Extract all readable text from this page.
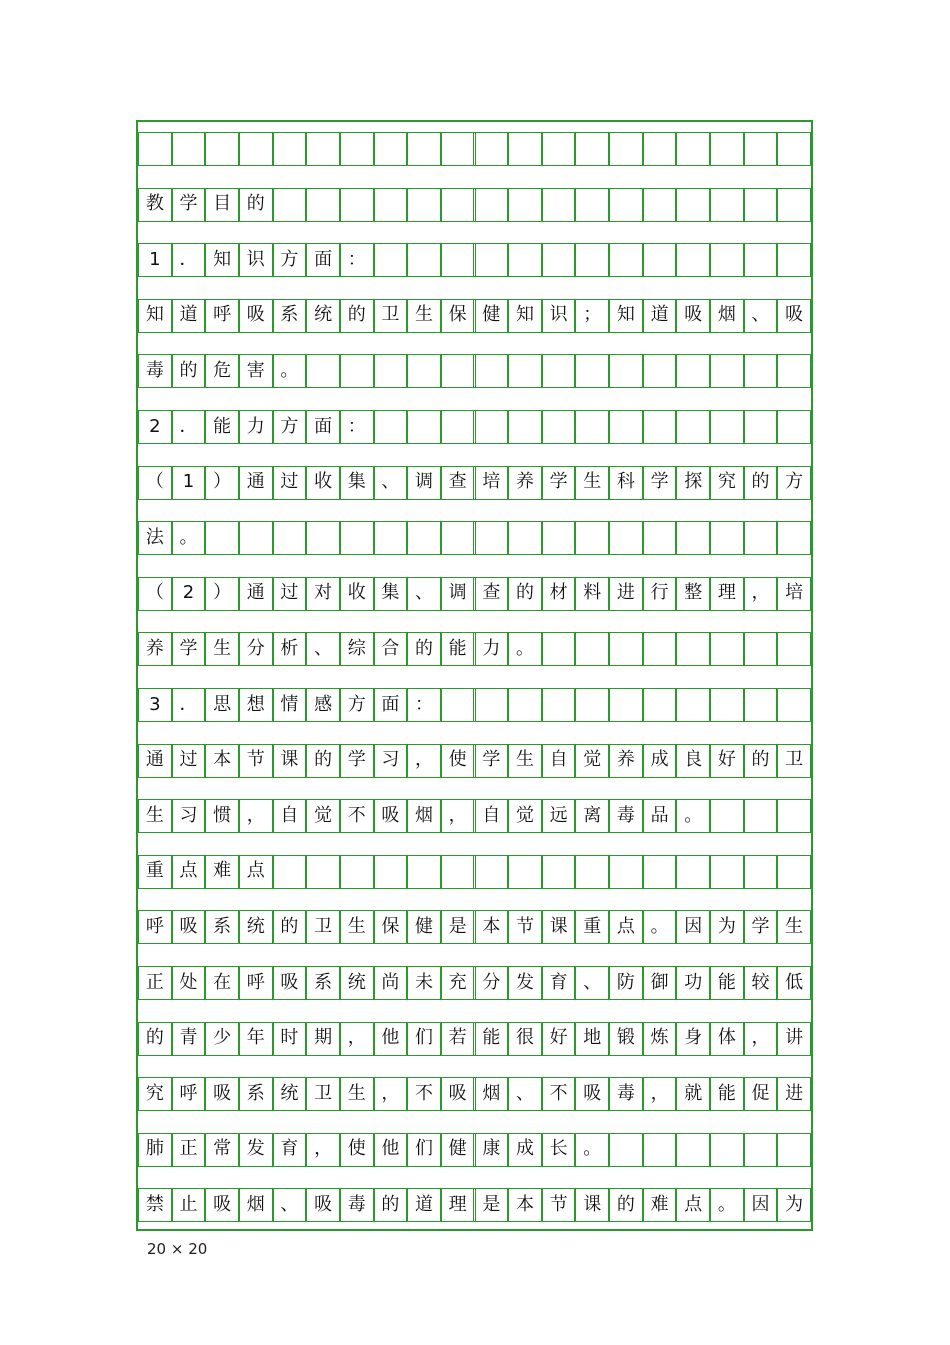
教 学 目 的
1	． 知 识 方 面 ：
知 道 呼 吸 系 统 的 卫 生 保 健 知 识 ； 知 道 吸 烟 、 吸
毒 的 危 害 。
2	． 能 力 方 面 ：
（	1	） 通 过 收 集 、 调 查 培 养 学 生 科 学 探 究 的 方
法 。
（	2	） 通 过 对 收 集 、 调 查 的 材 料 进 行 整 理 ， 培
养 学 生 分 析 、 综 合 的 能 力 。
3	． 思 想 情 感 方 面 ：
通 过 本 节 课 的 学 习 ， 使 学 生 自 觉 养 成 良 好 的 卫
生 习 惯 ， 自 觉 不 吸 烟 ， 自 觉 远 离 毒 品 。
重 点 难 点
呼 吸 系 统 的 卫 生 保 健 是 本 节 课 重 点 。 因 为 学 生
正 处 在 呼 吸 系 统 尚 未 充 分 发 育 、 防 御 功 能 较 低
的 青 少 年 时 期 ， 他 们 若 能 很 好 地 锻 炼 身 体 ， 讲
究 呼 吸 系 统 卫 生 ， 不 吸 烟 、 不 吸 毒 ， 就 能 促 进
肺 正 常 发 育 ， 使 他 们 健 康 成 长 。
禁 止 吸 烟 、 吸 毒 的 道 理 是 本 节 课 的 难 点 。 因 为
20 × 20
